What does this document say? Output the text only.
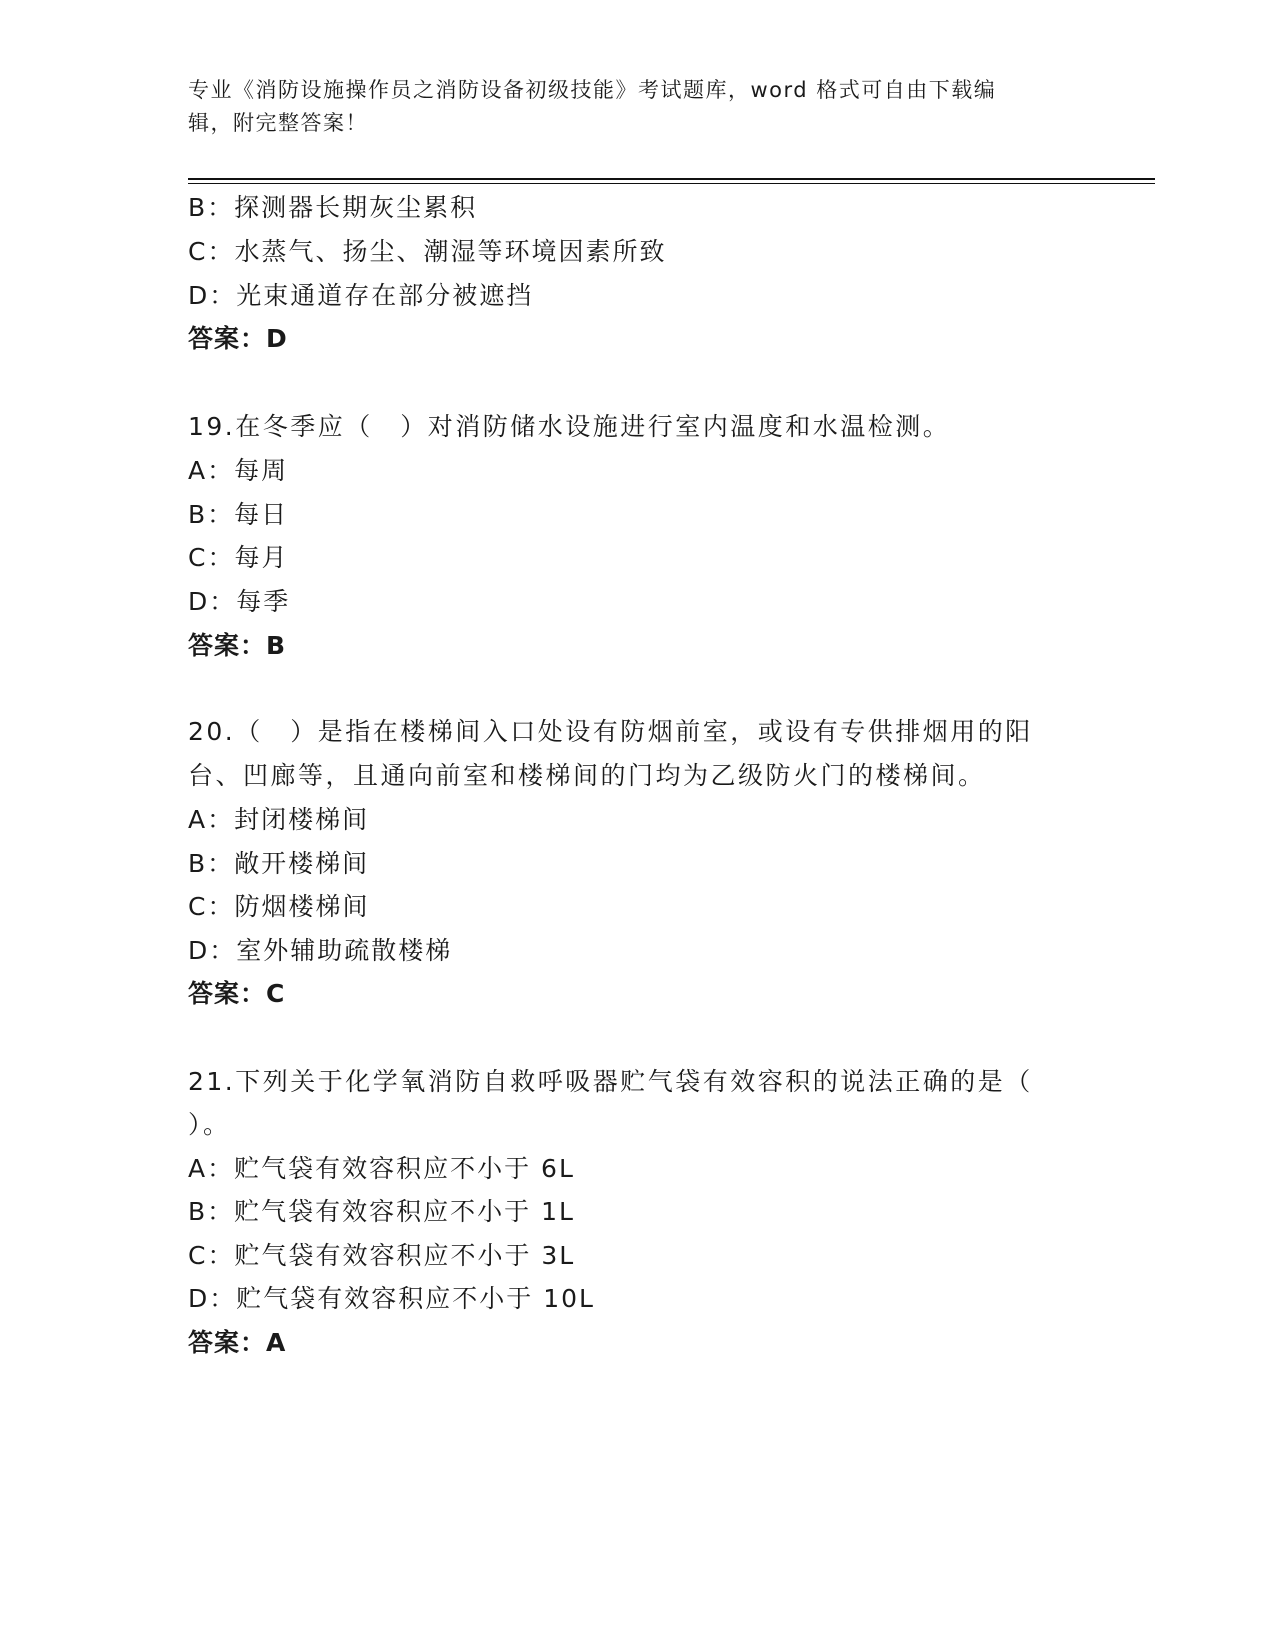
专业《消防设施操作员之消防设备初级技能》考试题库，word 格式可自由下载编
辑，附完整答案！
B：探测器长期灰尘累积
C：水蒸气、扬尘、潮湿等环境因素所致
D：光束通道存在部分被遮挡
答案：D
19.在冬季应（　）对消防储水设施进行室内温度和水温检测。
A：每周
B：每日
C：每月
D：每季
答案：B
20.（　）是指在楼梯间入口处设有防烟前室，或设有专供排烟用的阳
台、凹廊等，且通向前室和楼梯间的门均为乙级防火门的楼梯间。
A：封闭楼梯间
B：敞开楼梯间
C：防烟楼梯间
D：室外辅助疏散楼梯
答案：C
21.下列关于化学氧消防自救呼吸器贮气袋有效容积的说法正确的是（
）。
A：贮气袋有效容积应不小于 6L
B：贮气袋有效容积应不小于 1L
C：贮气袋有效容积应不小于 3L
D：贮气袋有效容积应不小于 10L
答案：A
